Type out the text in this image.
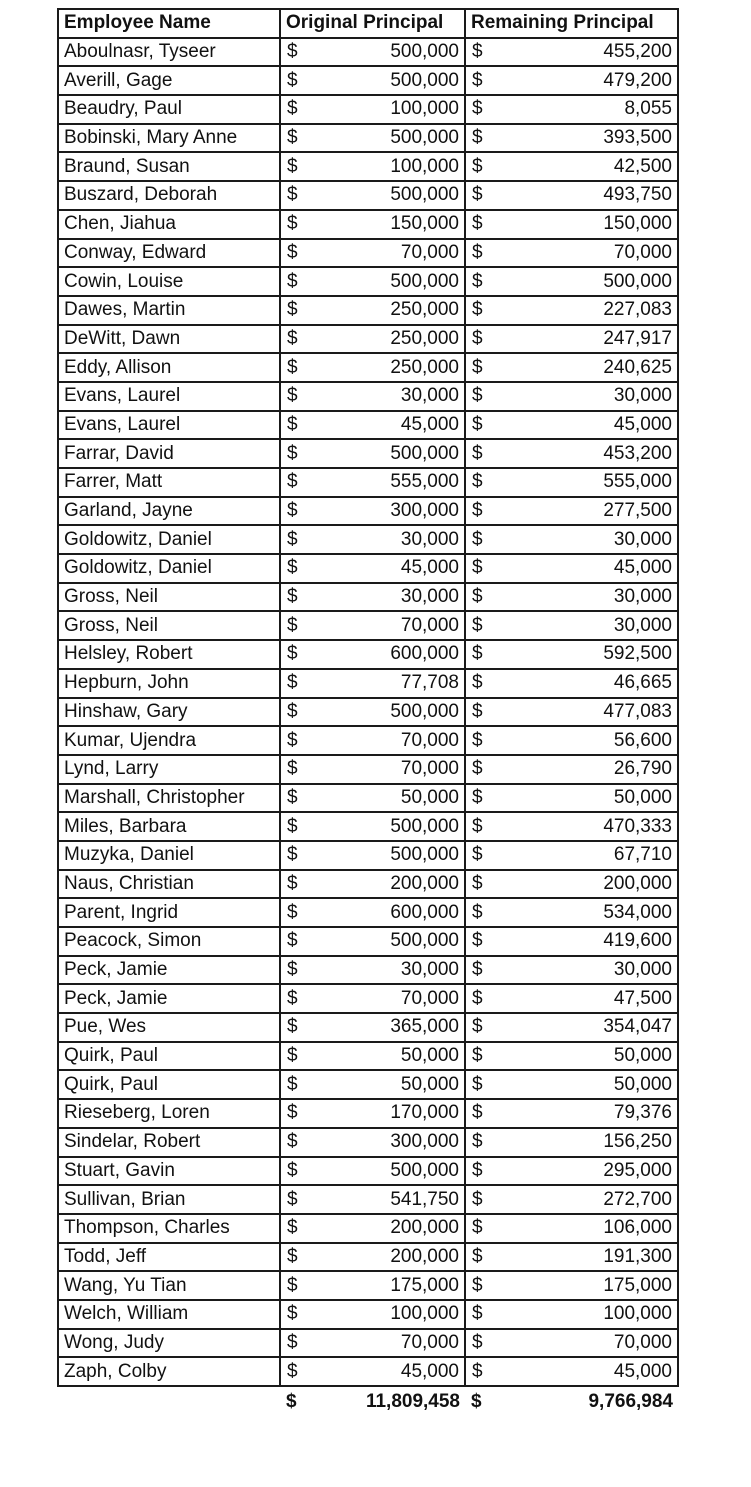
Employee Name	Original Principal	Remaining Principal
Aboulnasr, Tyseer	$ 500,000	$ 455,200

Averill, Gage	$ 500,000	$ 479,200

Beaudry, Paul	$ 100,000	$ 8,055

Bobinski, Mary Anne	$ 500,000	$ 393,500

Braund, Susan	$ 100,000	$ 42,500

Buszard, Deborah	$ 500,000	$ 493,750

Chen, Jiahua	$ 150,000	$ 150,000

Conway, Edward	$ 70,000	$ 70,000

Cowin, Louise	$ 500,000	$ 500,000

Dawes, Martin	$ 250,000	$ 227,083

DeWitt, Dawn	$ 250,000	$ 247,917

Eddy, Allison	$ 250,000	$ 240,625

Evans, Laurel	$ 30,000	$ 30,000

Evans, Laurel	$ 45,000	$ 45,000

Farrar, David	$ 500,000	$ 453,200

Farrer, Matt	$ 555,000	$ 555,000

Garland, Jayne	$ 300,000	$ 277,500

Goldowitz, Daniel	$ 30,000	$ 30,000

Goldowitz, Daniel	$ 45,000	$ 45,000

Gross, Neil	$ 30,000	$ 30,000

Gross, Neil	$ 70,000	$ 30,000

Helsley, Robert	$ 600,000	$ 592,500

Hepburn, John	$ 77,708	$ 46,665

Hinshaw, Gary	$ 500,000	$ 477,083

Kumar, Ujendra	$ 70,000	$ 56,600

Lynd, Larry	$ 70,000	$ 26,790

Marshall, Christopher	$ 50,000	$ 50,000

Miles, Barbara	$ 500,000	$ 470,333

Muzyka, Daniel	$ 500,000	$ 67,710

Naus, Christian	$ 200,000	$ 200,000

Parent, Ingrid	$ 600,000	$ 534,000

Peacock, Simon	$ 500,000	$ 419,600

Peck, Jamie	$ 30,000	$ 30,000

Peck, Jamie	$ 70,000	$ 47,500

Pue, Wes	$ 365,000	$ 354,047

Quirk, Paul	$ 50,000	$ 50,000

Quirk, Paul	$ 50,000	$ 50,000

Rieseberg, Loren	$ 170,000	$ 79,376

Sindelar, Robert	$ 300,000	$ 156,250

Stuart, Gavin	$ 500,000	$ 295,000

Sullivan, Brian	$ 541,750	$ 272,700

Thompson, Charles	$ 200,000	$ 106,000

Todd, Jeff	$ 200,000	$ 191,300

Wang, Yu Tian	$ 175,000	$ 175,000

Welch, William	$ 100,000	$ 100,000

Wong, Judy	$ 70,000	$ 70,000

Zaph, Colby	$ 45,000	$ 45,000

	$ 11,809,458	$ 9,766,984
